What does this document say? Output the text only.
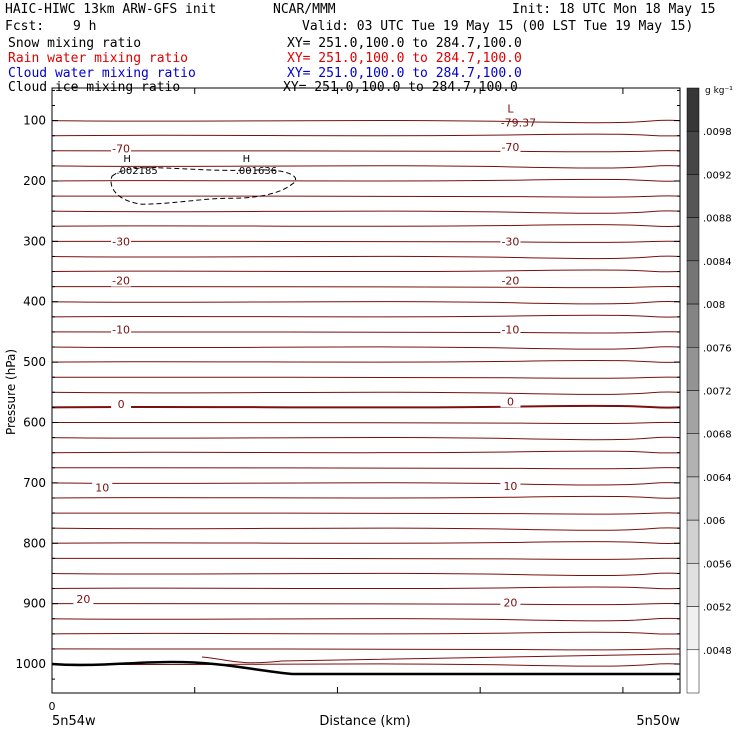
HAIC-HIWC 13km ARW-GFS init	NCAR/MMM	Init: 18 UTC Mon 18 May 15
Fcst: 9 h	Valid: 03 UTC Tue 19 May 15 (00 LST Tue 19 May 15)
Snow mixing ratio	XY= 251.0,100.0 to 284.7,100.0
Rain water mixing ratio	XY= 251.0,100.0 to 284.7,100.0
Cloud water mixing ratio	XY= 251.0,100.0 to 284.7,100.0
Cloud ice mixing ratio	XY= 251.0,100.0 to 284.7,100.0
-70	-70
-30	-30
-20	-20
-10	-10
0	0
10	10
20	20
L
-79.37
H
.002185
H
.001636
100
200
300
400
500
600
700
800
900
1000
Pressure (hPa)
Distance (km)
0
5n54w	5n50w
.0098
.0092
.0088
.0084
.008
.0076
.0072
.0068
.0064
.006
.0056
.0052
.0048
g kg⁻¹
